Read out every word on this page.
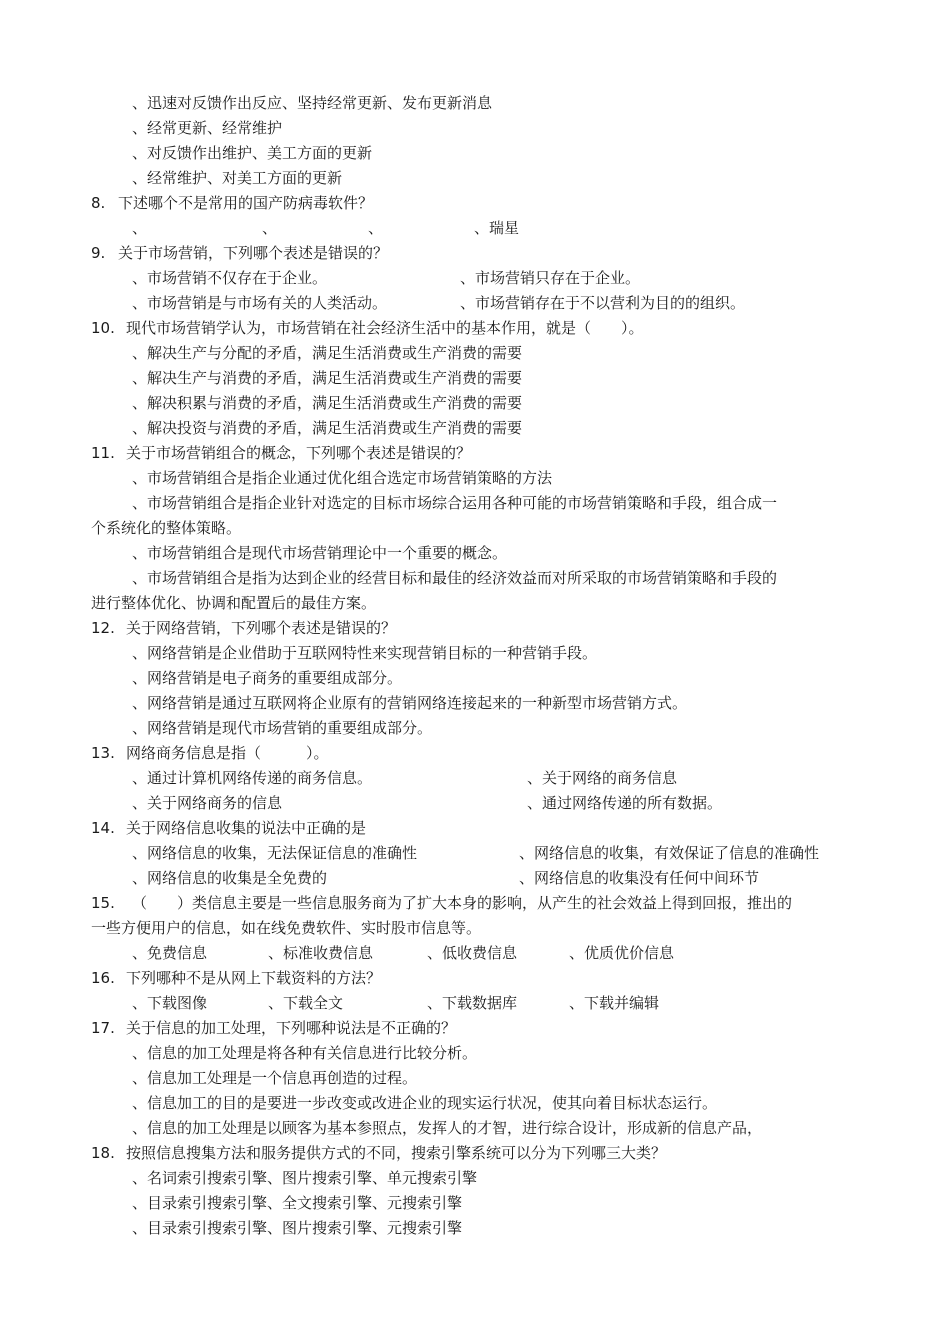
、迅速对反馈作出反应、坚持经常更新、发布更新消息
、经常更新、经常维护
、对反馈作出维护、美工方面的更新
、经常维护、对美工方面的更新
8. 下述哪个不是常用的国产防病毒软件？
、	、	、	、瑞星
9. 关于市场营销，下列哪个表述是错误的？
、市场营销不仅存在于企业。	、市场营销只存在于企业。
、市场营销是与市场有关的人类活动。	、市场营销存在于不以营利为目的的组织。
10. 现代市场营销学认为，市场营销在社会经济生活中的基本作用，就是（　　）。
、解决生产与分配的矛盾，满足生活消费或生产消费的需要
、解决生产与消费的矛盾，满足生活消费或生产消费的需要
、解决积累与消费的矛盾，满足生活消费或生产消费的需要
、解决投资与消费的矛盾，满足生活消费或生产消费的需要
11. 关于市场营销组合的概念，下列哪个表述是错误的？
、市场营销组合是指企业通过优化组合选定市场营销策略的方法
、市场营销组合是指企业针对选定的目标市场综合运用各种可能的市场营销策略和手段，组合成一
个系统化的整体策略。
、市场营销组合是现代市场营销理论中一个重要的概念。
、市场营销组合是指为达到企业的经营目标和最佳的经济效益而对所采取的市场营销策略和手段的
进行整体优化、协调和配置后的最佳方案。
12. 关于网络营销，下列哪个表述是错误的？
、网络营销是企业借助于互联网特性来实现营销目标的一种营销手段。
、网络营销是电子商务的重要组成部分。
、网络营销是通过互联网将企业原有的营销网络连接起来的一种新型市场营销方式。
、网络营销是现代市场营销的重要组成部分。
13. 网络商务信息是指（　　　）。
、通过计算机网络传递的商务信息。	、关于网络的商务信息
、关于网络商务的信息	、通过网络传递的所有数据。
14. 关于网络信息收集的说法中正确的是
、网络信息的收集，无法保证信息的准确性	、网络信息的收集，有效保证了信息的准确性
、网络信息的收集是全免费的	、网络信息的收集没有任何中间环节
15. （　　）类信息主要是一些信息服务商为了扩大本身的影响，从产生的社会效益上得到回报，推出的
一些方便用户的信息，如在线免费软件、实时股市信息等。
、免费信息	、标准收费信息	、低收费信息	、优质优价信息
16. 下列哪种不是从网上下载资料的方法？
、下载图像	、下载全文	、下载数据库	、下载并编辑
17. 关于信息的加工处理，下列哪种说法是不正确的？
、信息的加工处理是将各种有关信息进行比较分析。
、信息加工处理是一个信息再创造的过程。
、信息加工的目的是要进一步改变或改进企业的现实运行状况，使其向着目标状态运行。
、信息的加工处理是以顾客为基本参照点，发挥人的才智，进行综合设计，形成新的信息产品，
18. 按照信息搜集方法和服务提供方式的不同，搜索引擎系统可以分为下列哪三大类？
、名词索引搜索引擎、图片搜索引擎、单元搜索引擎
、目录索引搜索引擎、全文搜索引擎、元搜索引擎
、目录索引搜索引擎、图片搜索引擎、元搜索引擎
